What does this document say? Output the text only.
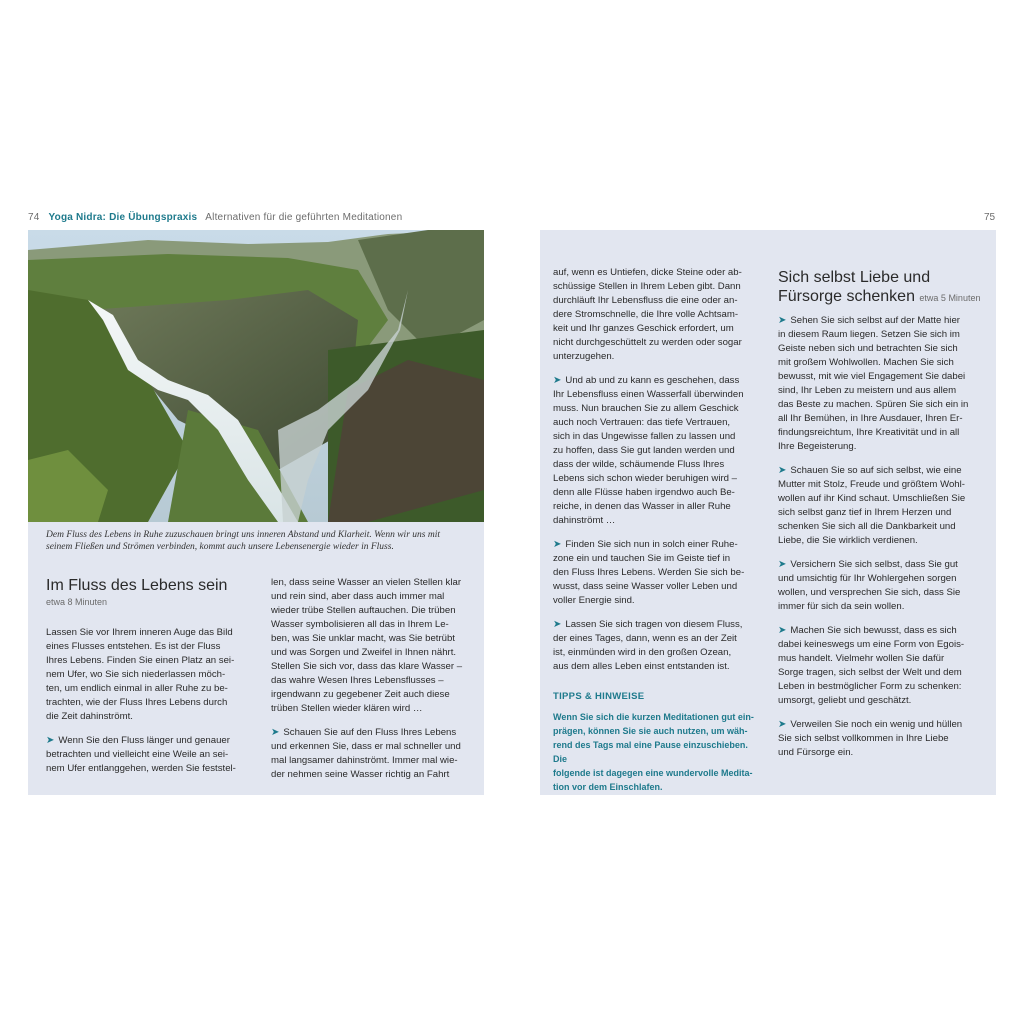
74 Yoga Nidra: Die Übungspraxis Alternativen für die geführten Meditationen	75
Dem Fluss des Lebens in Ruhe zuzuschauen bringt uns inneren Abstand und Klarheit. Wenn wir uns mit seinem Fließen und Strömen verbinden, kommt auch unsere Lebensenergie wieder in Fluss.
Im Fluss des Lebens sein
etwa 8 Minuten

Lassen Sie vor Ihrem inneren Auge das Bild
eines Flusses entstehen. Es ist der Fluss
Ihres Lebens. Finden Sie einen Platz an sei-
nem Ufer, wo Sie sich niederlassen möch-
ten, um endlich einmal in aller Ruhe zu be-
trachten, wie der Fluss Ihres Lebens durch
die Zeit dahinströmt.

➤ Wenn Sie den Fluss länger und genauer
betrachten und vielleicht eine Weile an sei-
nem Ufer entlanggehen, werden Sie feststel-

len, dass seine Wasser an vielen Stellen klar
und rein sind, aber dass auch immer mal
wieder trübe Stellen auftauchen. Die trüben
Wasser symbolisieren all das in Ihrem Le-
ben, was Sie unklar macht, was Sie betrübt
und was Sorgen und Zweifel in Ihnen nährt.
Stellen Sie sich vor, dass das klare Wasser –
das wahre Wesen Ihres Lebensflusses –
irgendwann zu gegebener Zeit auch diese
trüben Stellen wieder klären wird …

➤ Schauen Sie auf den Fluss Ihres Lebens
und erkennen Sie, dass er mal schneller und
mal langsamer dahinströmt. Immer mal wie-
der nehmen seine Wasser richtig an Fahrt

auf, wenn es Untiefen, dicke Steine oder ab-
schüssige Stellen in Ihrem Leben gibt. Dann
durchläuft Ihr Lebensfluss die eine oder an-
dere Stromschnelle, die Ihre volle Achtsam-
keit und Ihr ganzes Geschick erfordert, um
nicht durchgeschüttelt zu werden oder sogar
unterzugehen.

➤ Und ab und zu kann es geschehen, dass
Ihr Lebensfluss einen Wasserfall überwinden
muss. Nun brauchen Sie zu allem Geschick
auch noch Vertrauen: das tiefe Vertrauen,
sich in das Ungewisse fallen zu lassen und
zu hoffen, dass Sie gut landen werden und
dass der wilde, schäumende Fluss Ihres
Lebens sich schon wieder beruhigen wird –
denn alle Flüsse haben irgendwo auch Be-
reiche, in denen das Wasser in aller Ruhe
dahinströmt …

➤ Finden Sie sich nun in solch einer Ruhe-
zone ein und tauchen Sie im Geiste tief in
den Fluss Ihres Lebens. Werden Sie sich be-
wusst, dass seine Wasser voller Leben und
voller Energie sind.

➤ Lassen Sie sich tragen von diesem Fluss,
der eines Tages, dann, wenn es an der Zeit
ist, einmünden wird in den großen Ozean,
aus dem alles Leben einst entstanden ist.

TIPPS & HINWEISE

Wenn Sie sich die kurzen Meditationen gut ein-
prägen, können Sie sie auch nutzen, um wäh-
rend des Tags mal eine Pause einzuschieben. Die
folgende ist dagegen eine wundervolle Medita-
tion vor dem Einschlafen.

Sich selbst Liebe und
Fürsorge schenken etwa 5 Minuten

➤ Sehen Sie sich selbst auf der Matte hier
in diesem Raum liegen. Setzen Sie sich im
Geiste neben sich und betrachten Sie sich
mit großem Wohlwollen. Machen Sie sich
bewusst, mit wie viel Engagement Sie dabei
sind, Ihr Leben zu meistern und aus allem
das Beste zu machen. Spüren Sie sich ein in
all Ihr Bemühen, in Ihre Ausdauer, Ihren Er-
findungsreichtum, Ihre Kreativität und in all
Ihre Begeisterung.

➤ Schauen Sie so auf sich selbst, wie eine
Mutter mit Stolz, Freude und größtem Wohl-
wollen auf ihr Kind schaut. Umschließen Sie
sich selbst ganz tief in Ihrem Herzen und
schenken Sie sich all die Dankbarkeit und
Liebe, die Sie wirklich verdienen.

➤ Versichern Sie sich selbst, dass Sie gut
und umsichtig für Ihr Wohlergehen sorgen
wollen, und versprechen Sie sich, dass Sie
immer für sich da sein wollen.

➤ Machen Sie sich bewusst, dass es sich
dabei keineswegs um eine Form von Egois-
mus handelt. Vielmehr wollen Sie dafür
Sorge tragen, sich selbst der Welt und dem
Leben in bestmöglicher Form zu schenken:
umsorgt, geliebt und geschätzt.

➤ Verweilen Sie noch ein wenig und hüllen
Sie sich selbst vollkommen in Ihre Liebe
und Fürsorge ein.
